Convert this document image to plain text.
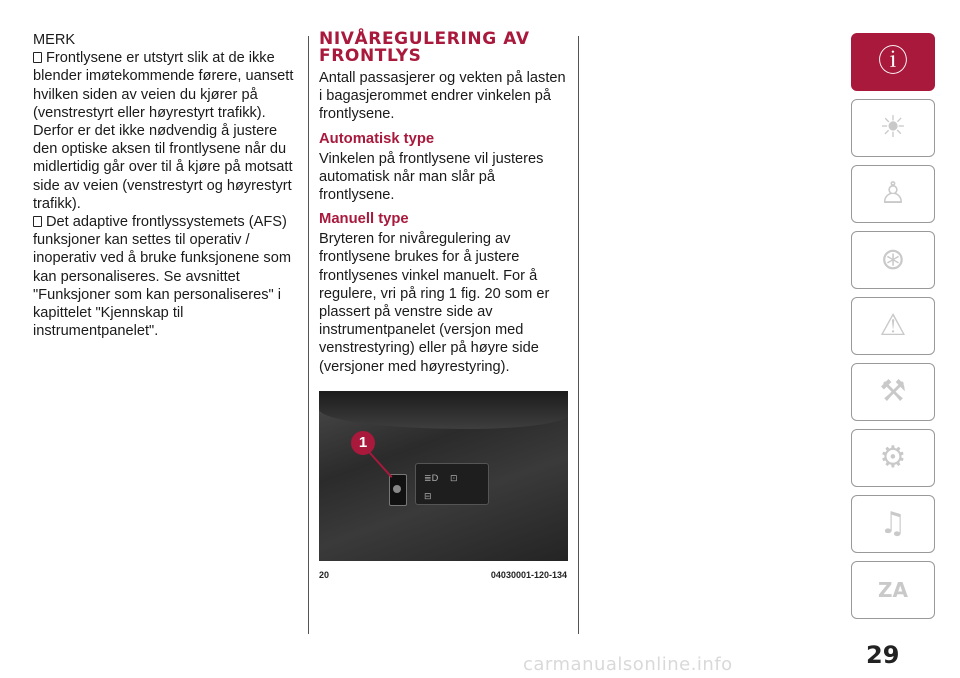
MERK

Frontlysene er utstyrt slik at de ikke blender imøtekommende førere, uansett hvilken siden av veien du kjører på (venstrestyrt eller høyrestyrt trafikk). Derfor er det ikke nødvendig å justere den optiske aksen til frontlysene når du midlertidig går over til å kjøre på motsatt side av veien (venstrestyrt og høyrestyrt trafikk).

Det adaptive frontlyssystemets (AFS) funksjoner kan settes til operativ / inoperativ ved å bruke funksjonene som kan personaliseres. Se avsnittet "Funksjoner som kan personaliseres" i kapittelet "Kjennskap til instrumentpanelet".

NIVÅREGULERING AV FRONTLYS

Antall passasjerer og vekten på lasten i bagasjerommet endrer vinkelen på frontlysene.

Automatisk type

Vinkelen på frontlysene vil justeres automatisk når man slår på frontlysene.

Manuell type

Bryteren for nivåregulering av frontlysene brukes for å justere frontlysenes vinkel manuelt. For å regulere, vri på ring 1 fig. 20 som er plassert på venstre side av instrumentpanelet (versjon med venstrestyring) eller på høyre side (versjoner med høyrestyring).

≣D ⊡
⊟
1
20	04030001-120-134
ⓘ
☀
♙
⊛
⚠
⚒
⚙
♫
ZA
29
carmanualsonline.info
